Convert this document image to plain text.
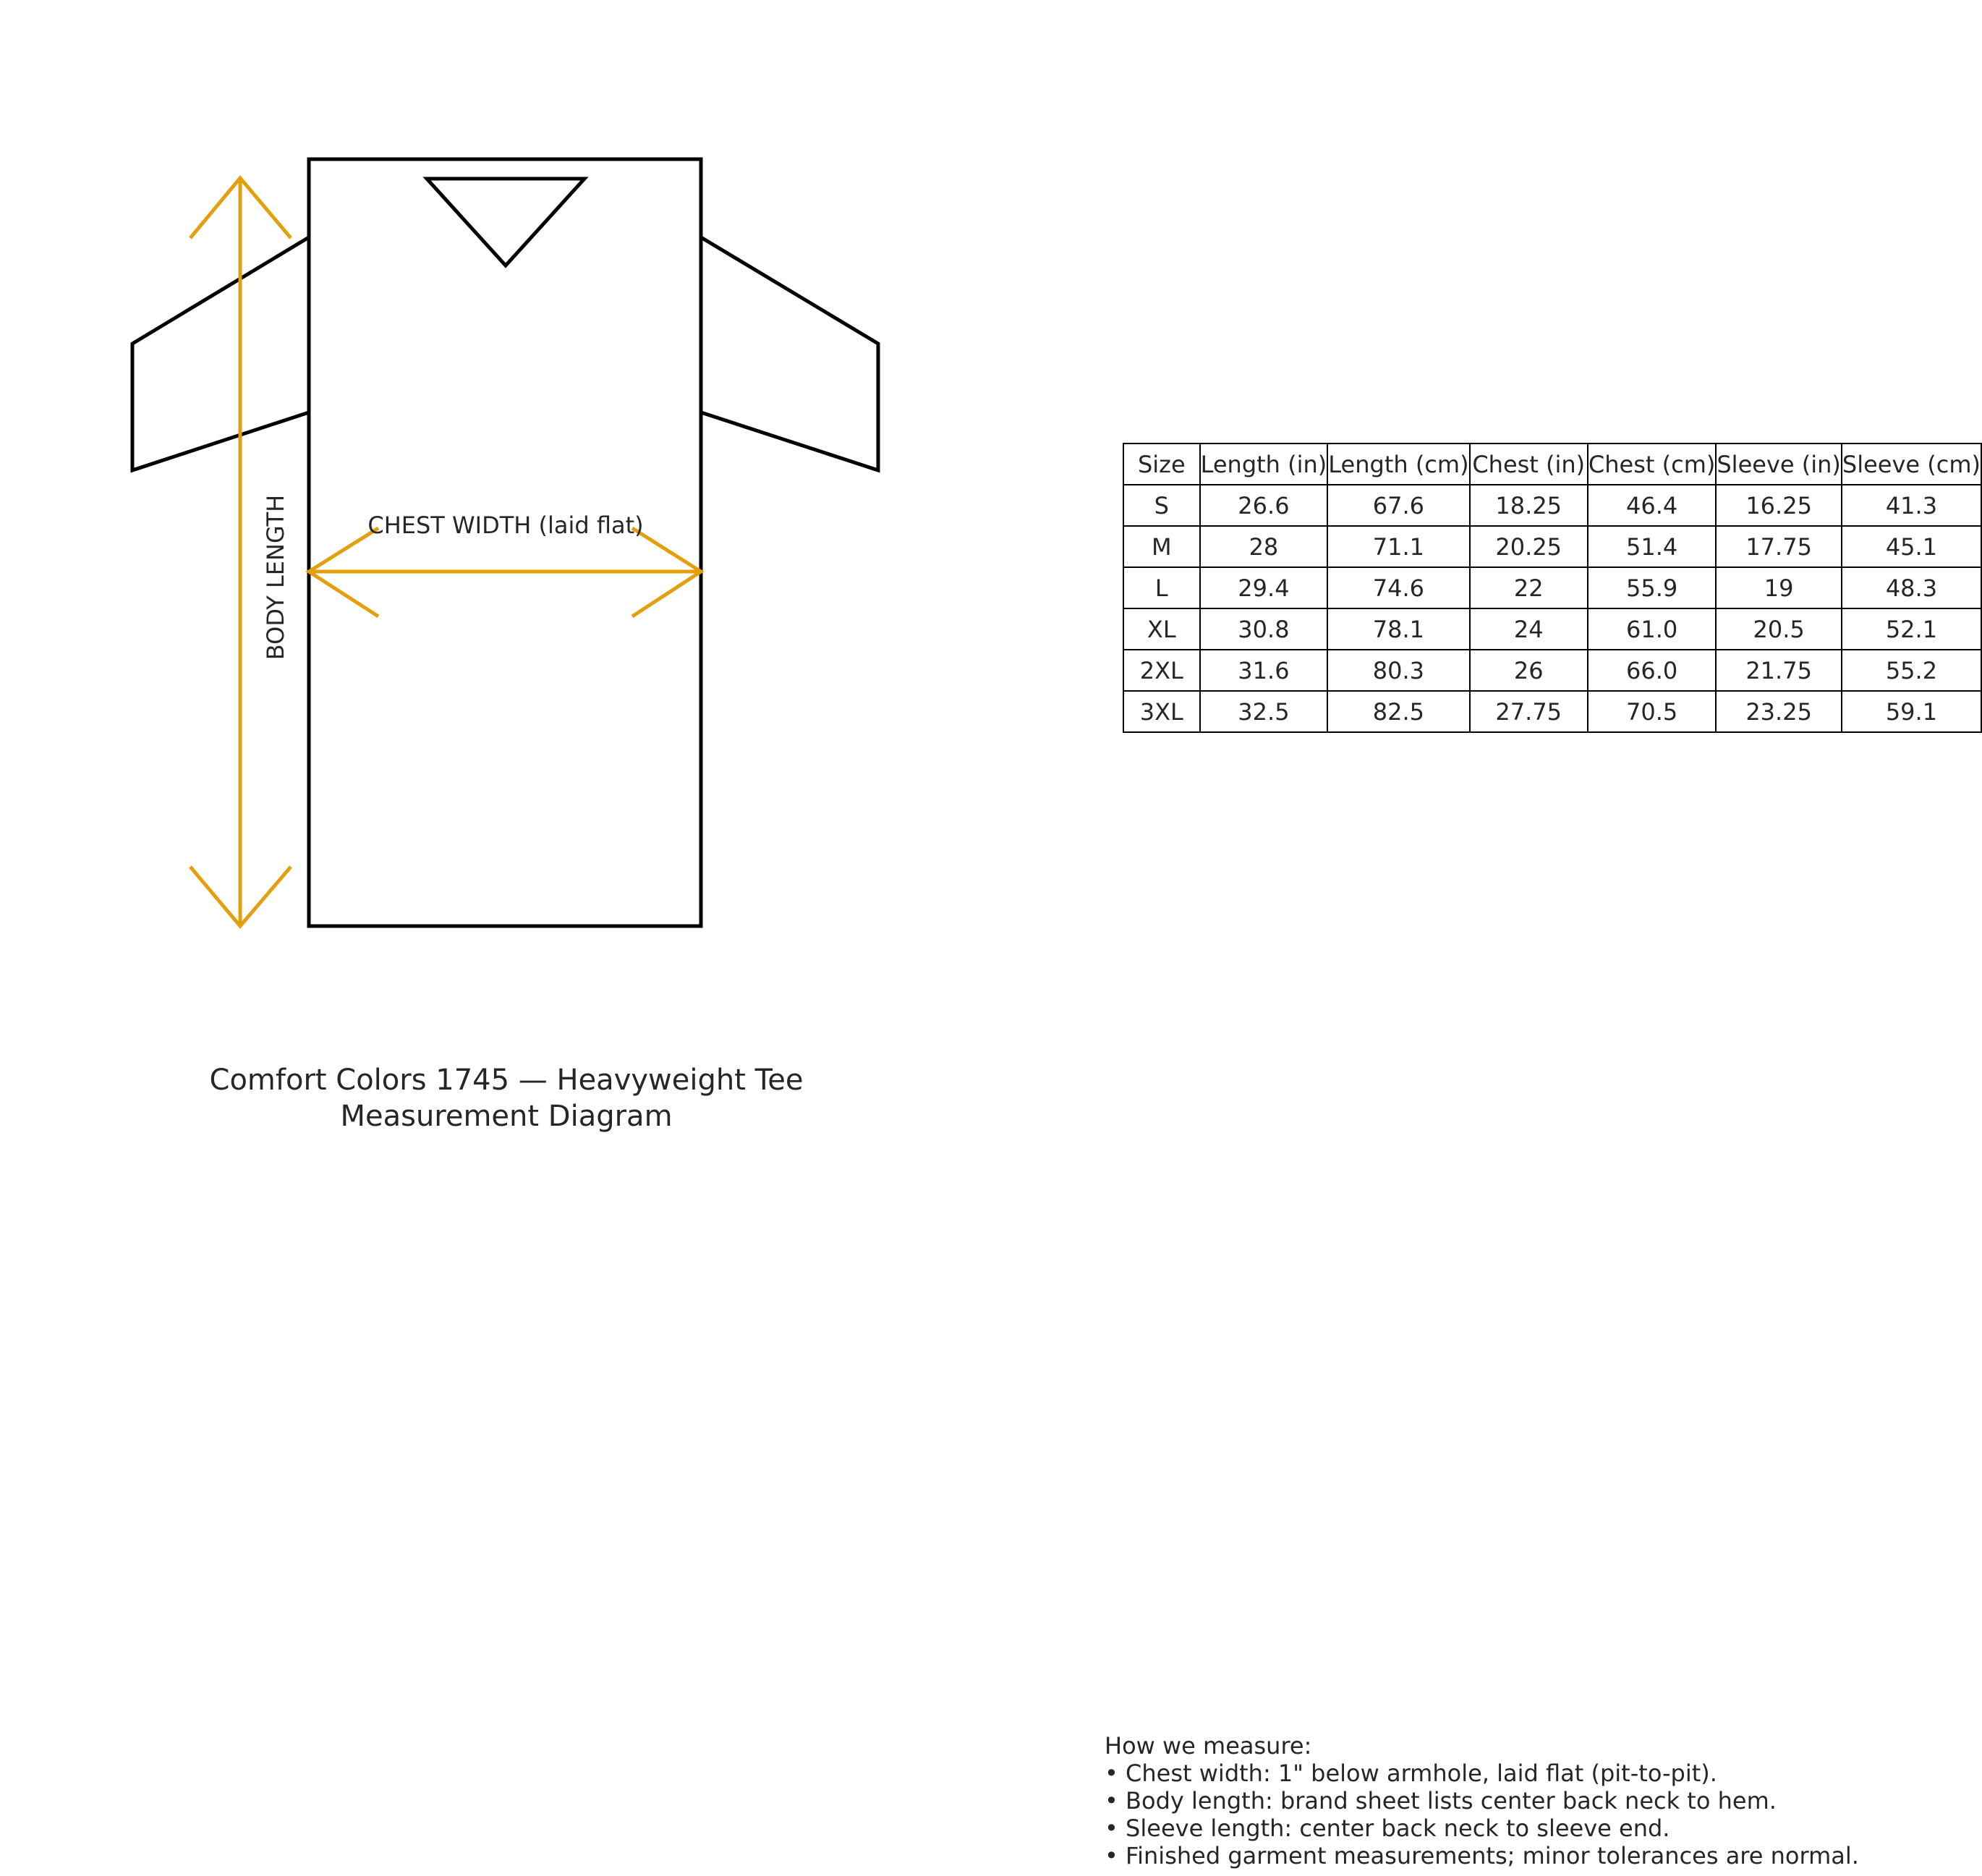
BODY LENGTH	CHEST WIDTH (laid flat)
Comfort Colors 1745 — Heavyweight Tee
Measurement Diagram
Size	Length (in)	Length (cm)	Chest (in)	Chest (cm)	Sleeve (in)	Sleeve (cm)
S	26.6	67.6	18.25	46.4	16.25	41.3
M	28	71.1	20.25	51.4	17.75	45.1
L	29.4	74.6	22	55.9	19	48.3
XL	30.8	78.1	24	61.0	20.5	52.1
2XL	31.6	80.3	26	66.0	21.75	55.2
3XL	32.5	82.5	27.75	70.5	23.25	59.1
How we measure:
• Chest width: 1" below armhole, laid flat (pit-to-pit).
• Body length: brand sheet lists center back neck to hem.
• Sleeve length: center back neck to sleeve end.
• Finished garment measurements; minor tolerances are normal.
